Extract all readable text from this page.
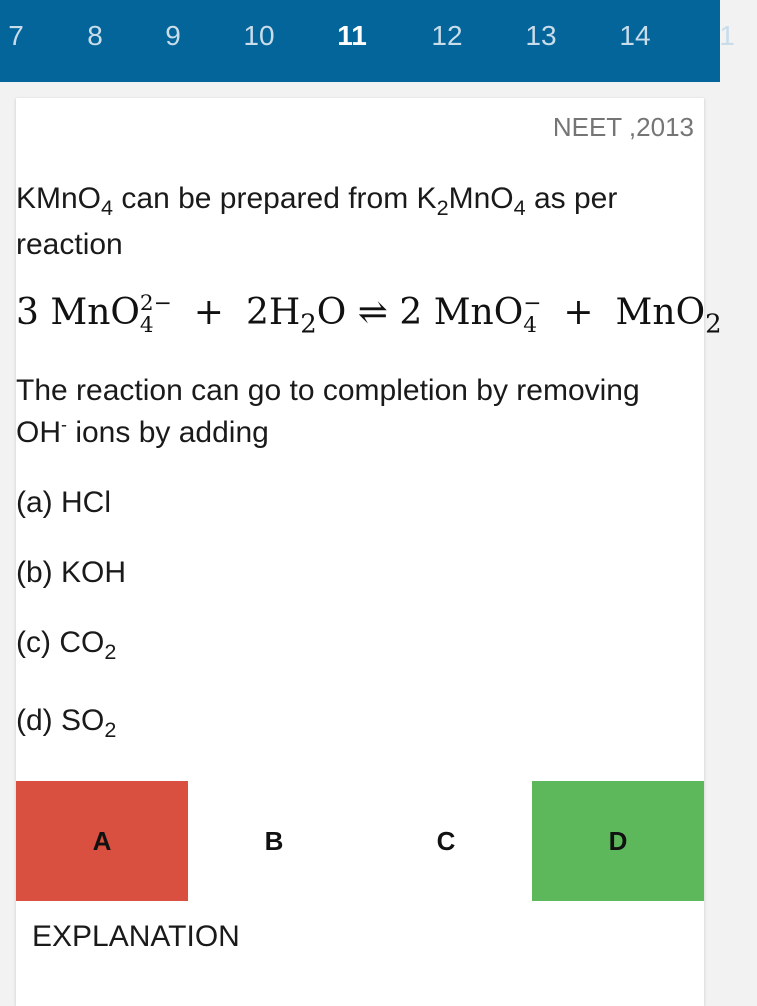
7	8	9	10	11	12	13	14	1
NEET ,2013
KMnO$_4$ can be prepared from $K_2MnO_4$ as per reaction
3 MnO 2−
4	+ $2H_2O$ ⇌ 2 MnO −
4 + MnO$_2$
The reaction can go to completion by removing OH- ions by adding
(a) HCl
(b) KOH
(c) $CO_2$
(d) $SO_2$
A	B	C	D
EXPLANATION
